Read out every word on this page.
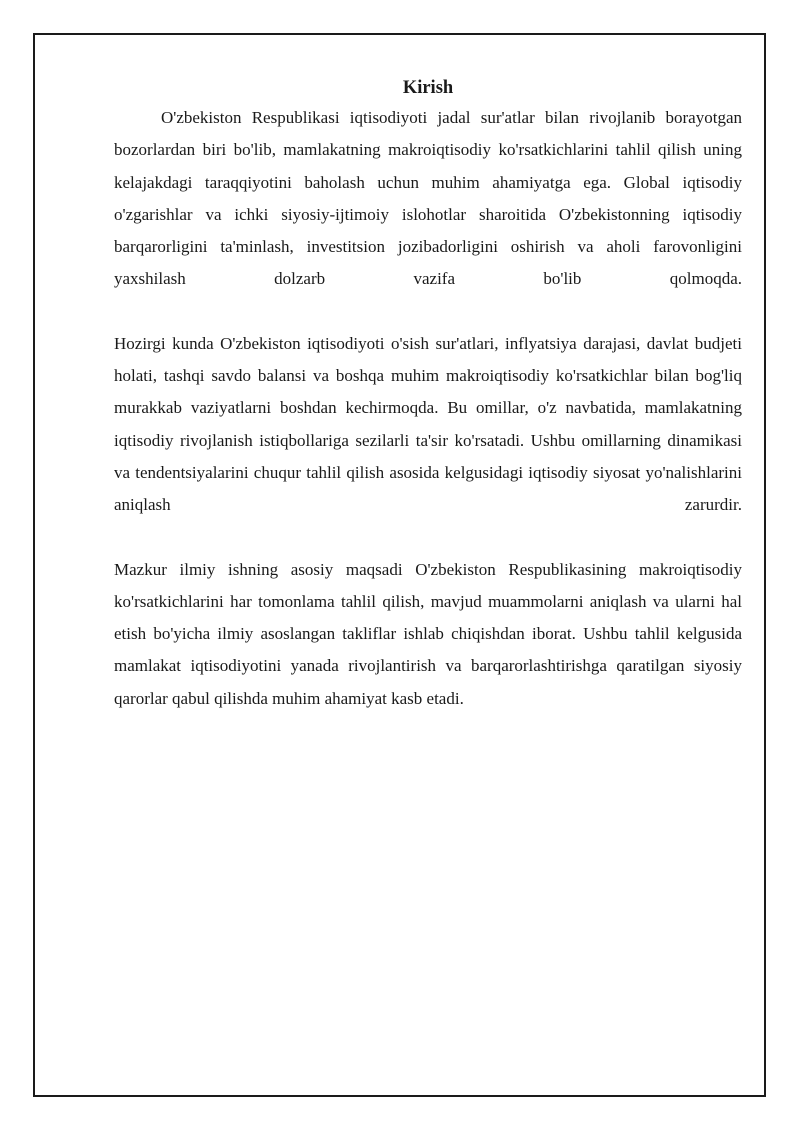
Kirish

O'zbekiston Respublikasi iqtisodiyoti jadal sur'atlar bilan rivojlanib borayotgan bozorlardan biri bo'lib, mamlakatning makroiqtisodiy ko'rsatkichlarini tahlil qilish uning kelajakdagi taraqqiyotini baholash uchun muhim ahamiyatga ega. Global iqtisodiy o'zgarishlar va ichki siyosiy-ijtimoiy islohotlar sharoitida O'zbekistonning iqtisodiy barqarorligini ta'minlash, investitsion jozibadorligini oshirish va aholi farovonligini yaxshilash dolzarb vazifa bo'lib qolmoqda.

Hozirgi kunda O'zbekiston iqtisodiyoti o'sish sur'atlari, inflyatsiya darajasi, davlat budjeti holati, tashqi savdo balansi va boshqa muhim makroiqtisodiy ko'rsatkichlar bilan bog'liq murakkab vaziyatlarni boshdan kechirmoqda. Bu omillar, o'z navbatida, mamlakatning iqtisodiy rivojlanish istiqbollariga sezilarli ta'sir ko'rsatadi. Ushbu omillarning dinamikasi va tendentsiyalarini chuqur tahlil qilish asosida kelgusidagi iqtisodiy siyosat yo'nalishlarini aniqlash zarurdir.

Mazkur ilmiy ishning asosiy maqsadi O'zbekiston Respublikasining makroiqtisodiy ko'rsatkichlarini har tomonlama tahlil qilish, mavjud muammolarni aniqlash va ularni hal etish bo'yicha ilmiy asoslangan takliflar ishlab chiqishdan iborat. Ushbu tahlil kelgusida mamlakat iqtisodiyotini yanada rivojlantirish va barqarorlashtirishga qaratilgan siyosiy qarorlar qabul qilishda muhim ahamiyat kasb etadi.
